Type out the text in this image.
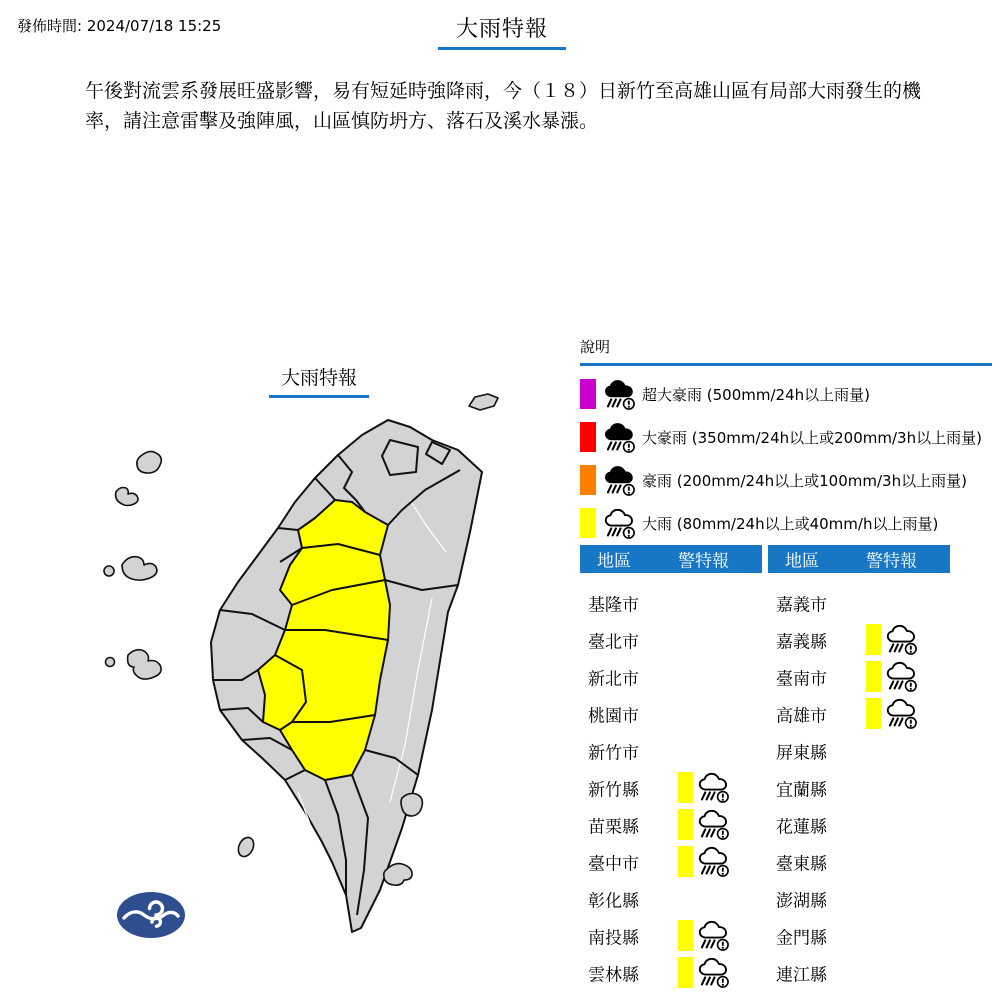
發佈時間: 2024/07/18 15:25	大雨特報
午後對流雲系發展旺盛影響，易有短延時強降雨，今（１８）日新竹至高雄山區有局部大雨發生的機率，請注意雷擊及強陣風，山區慎防坍方、落石及溪水暴漲。
大雨特報
說明
超大豪雨 (500mm/24h以上雨量)
大豪雨 (350mm/24h以上或200mm/3h以上雨量)
豪雨 (200mm/24h以上或100mm/3h以上雨量)
大雨 (80mm/24h以上或40mm/h以上雨量)
地區	警特報
基隆市
臺北市
新北市
桃園市
新竹市
新竹縣
苗栗縣
臺中市
彰化縣
南投縣
雲林縣
地區	警特報
嘉義市
嘉義縣
臺南市
高雄市
屏東縣
宜蘭縣
花蓮縣
臺東縣
澎湖縣
金門縣
連江縣
